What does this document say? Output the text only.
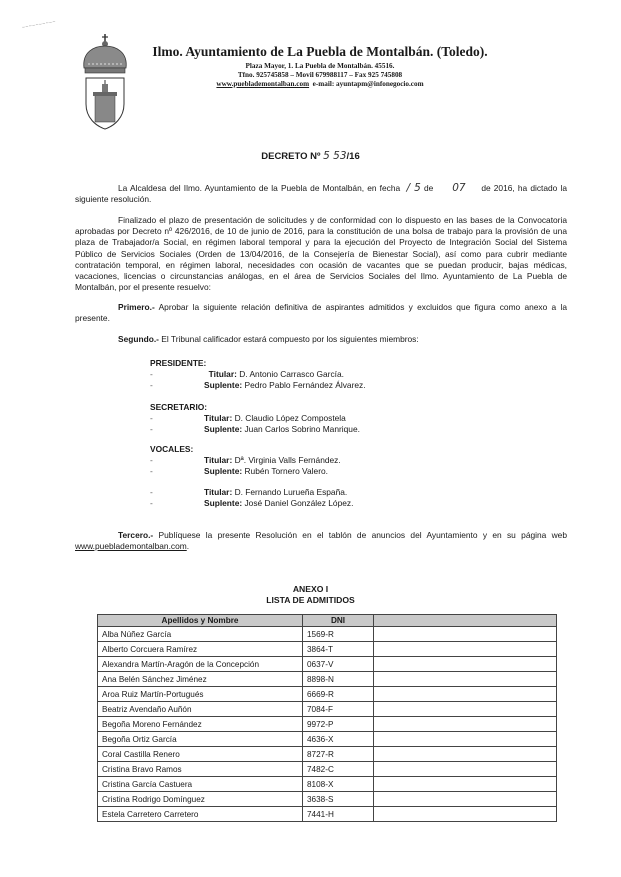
~~~~~~~~~~
Ilmo. Ayuntamiento de La Puebla de Montalbán. (Toledo).
Plaza Mayor, 1. La Puebla de Montalbán. 45516.
Tfno. 925745858 – Movil 679988117 – Fax 925 745808
www.pueblademontalban.com e-mail: ayuntapm@infonegocio.com
DECRETO Nº 5 53/16
La Alcaldesa del Ilmo. Ayuntamiento de la Puebla de Montalbán, en fecha / 5 de 07 de 2016, ha dictado la siguiente resolución.
Finalizado el plazo de presentación de solicitudes y de conformidad con lo dispuesto en las bases de la Convocatoria aprobadas por Decreto nº 426/2016, de 10 de junio de 2016, para la constitución de una bolsa de trabajo para la provisión de una plaza de Trabajador/a Social, en régimen laboral temporal y para la ejecución del Proyecto de Integración Social del Sistema Público de Servicios Sociales (Orden de 13/04/2016, de la Consejería de Bienestar Social), así como para cubrir mediante contratación temporal, en régimen laboral, necesidades con ocasión de vacantes que se puedan producir, bajas médicas, vacaciones, licencias o circunstancias análogas, en el área de Servicios Sociales del Ilmo. Ayuntamiento de La Puebla de Montalbán, por el presente resuelvo:
Primero.- Aprobar la siguiente relación definitiva de aspirantes admitidos y excluidos que figura como anexo a la presente.
Segundo.- El Tribunal calificador estará compuesto por los siguientes miembros:
PRESIDENTE:
-	Titular: D. Antonio Carrasco García.
-	Suplente: Pedro Pablo Fernández Álvarez.
SECRETARIO:
-	Titular: D. Claudio López Compostela
-	Suplente: Juan Carlos Sobrino Manrique.
VOCALES:
-	Titular: Dª. Virginia Valls Fernández.
-	Suplente: Rubén Tornero Valero.
-	Titular: D. Fernando Lurueña España.
-	Suplente: José Daniel González López.
Tercero.- Publíquese la presente Resolución en el tablón de anuncios del Ayuntamiento y en su página web www.pueblademontalban.com.
ANEXO I
LISTA DE ADMITIDOS
Apellidos y Nombre	DNI	
Alba Núñez García	1569-R	
Alberto Corcuera Ramírez	3864-T	
Alexandra Martín-Aragón de la Concepción	0637-V	
Ana Belén Sánchez Jiménez	8898-N	
Aroa Ruiz Martín-Portugués	6669-R	
Beatriz Avendaño Auñón	7084-F	
Begoña Moreno Fernández	9972-P	
Begoña Ortiz García	4636-X	
Coral Castilla Renero	8727-R	
Cristina Bravo Ramos	7482-C	
Cristina García Castuera	8108-X	
Cristina Rodrigo Domínguez	3638-S	
Estela Carretero Carretero	7441-H	
